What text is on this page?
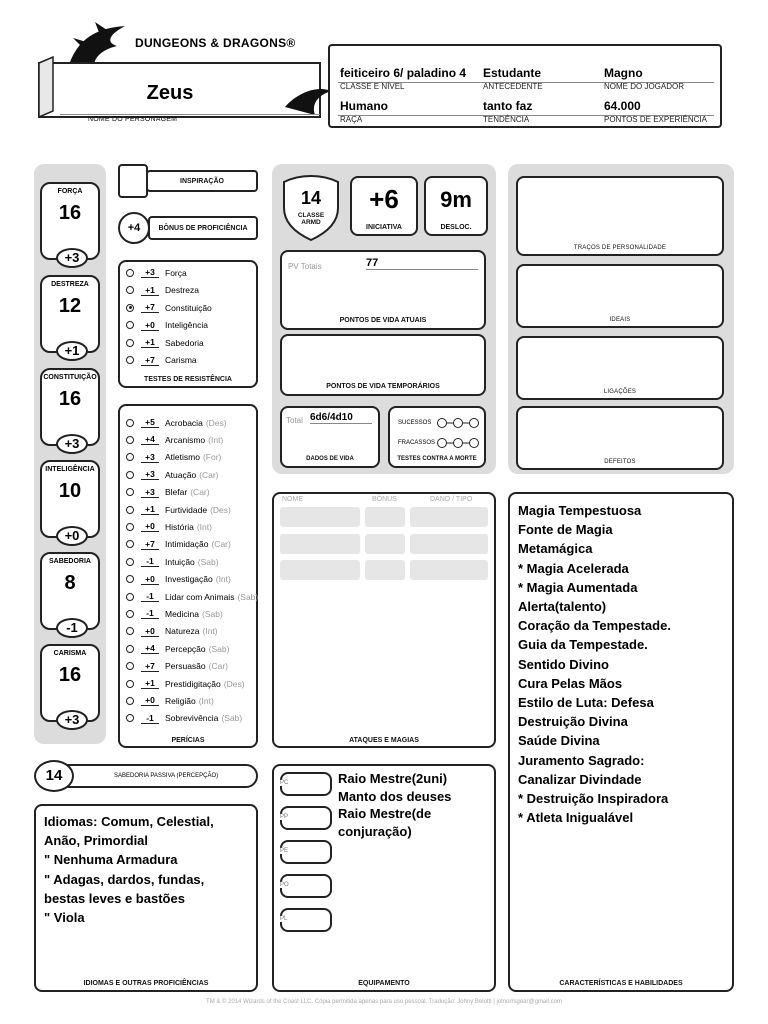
DUNGEONS & DRAGONS®
Zeus
NOME DO PERSONAGEM
feiticeiro 6/ paladino 4
CLASSE E NÍVEL
Estudante
ANTECEDENTE
Magno
NOME DO JOGADOR
Humano
RAÇA
tanto faz
TENDÊNCIA
64.000
PONTOS DE EXPERIÊNCIA
FORÇA
16
+3
DESTREZA
12
+1
CONSTITUIÇÃO
16
+3
INTELIGÊNCIA
10
+0
SABEDORIA
8
-1
CARISMA
16
+3
INSPIRAÇÃO
+4	BÔNUS DE PROFICIÊNCIA
+3	Força
+1	Destreza
+7	Constituição
+0	Inteligência
+1	Sabedoria
+7	Carisma
TESTES DE RESISTÊNCIA
+5	Acrobacia (Des)
+4	Arcanismo (Int)
+3	Atletismo (For)
+3	Atuação (Car)
+3	Blefar (Car)
+1	Furtividade (Des)
+0	História (Int)
+7	Intimidação (Car)
-1	Intuição (Sab)
+0	Investigação (Int)
-1	Lidar com Animais (Sab)
-1	Medicina (Sab)
+0	Natureza (Int)
+4	Percepção (Sab)
+7	Persuasão (Car)
+1	Prestidigitação (Des)
+0	Religião (Int)
-1	Sobrevivência (Sab)
PERÍCIAS
SABEDORIA PASSIVA (PERCEPÇÃO)
14
Idiomas: Comum, Celestial,
Anão, Primordial
" Nenhuma Armadura
" Adagas, dardos, fundas,
bestas leves e bastões
" Viola
IDIOMAS E OUTRAS PROFICIÊNCIAS
14
CLASSE
ARMD
+6
INICIATIVA
9m
DESLOC.
PV Totais	77
PONTOS DE VIDA ATUAIS
PONTOS DE VIDA TEMPORÁRIOS
Total 6d6/4d10
DADOS DE VIDA
SUCESSOS
FRACASSOS
TESTES CONTRA A MORTE
NOME	BÔNUS	DANO / TIPO
ATAQUES E MAGIAS
PC
PP
PE
PO
PL
Raio Mestre(2uni)
Manto dos deuses
Raio Mestre(de
conjuração)
EQUIPAMENTO
TRAÇOS DE PERSONALIDADE
IDEAIS
LIGAÇÕES
DEFEITOS
Magia Tempestuosa
Fonte de Magia
Metamágica
* Magia Acelerada
* Magia Aumentada
Alerta(talento)
Coração da Tempestade.
Guia da Tempestade.
Sentido Divino
Cura Pelas Mãos
Estilo de Luta: Defesa
Destruição Divina
Saúde Divina
Juramento Sagrado:
Canalizar Divindade
* Destruição Inspiradora
* Atleta Inigualável
CARACTERÍSTICAS E HABILIDADES
TM & © 2014 Wizards of the Coast LLC. Cópia permitida apenas para uso pessoal. Tradução: Johny Belotti | jotnorrsgear@gmail.com
